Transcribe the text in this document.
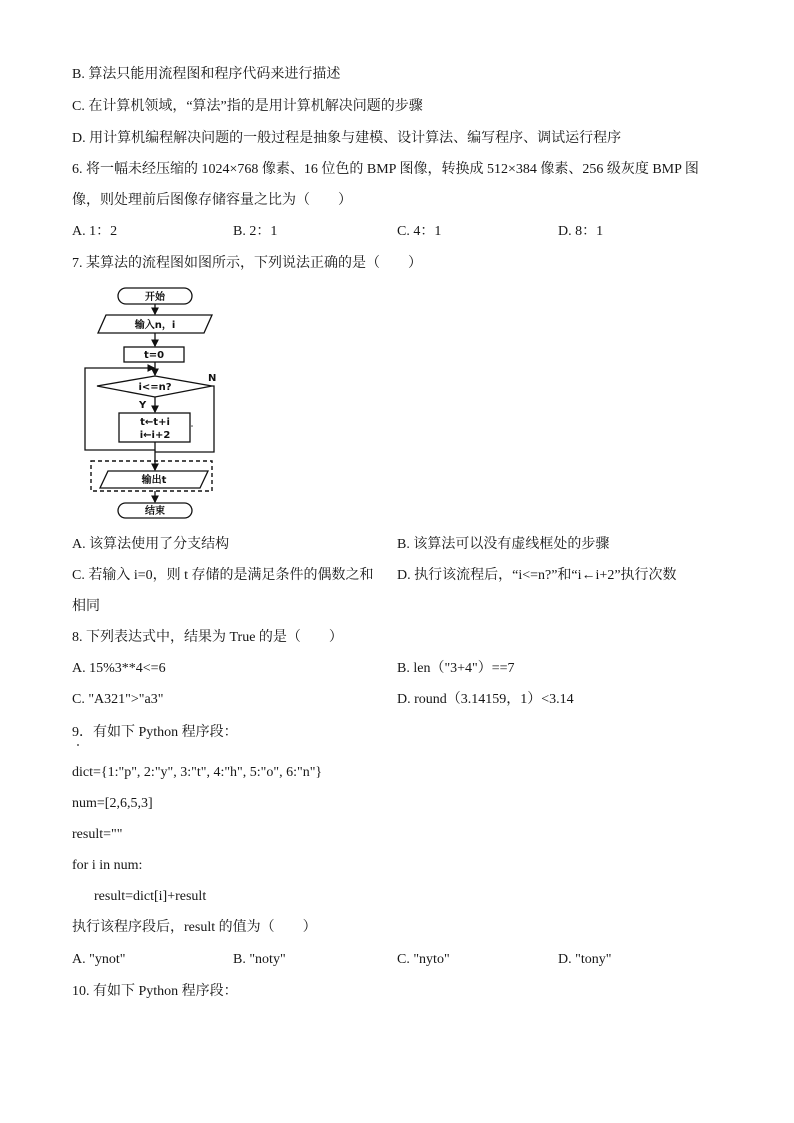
B. 算法只能用流程图和程序代码来进行描述
C. 在计算机领域，“算法”指的是用计算机解决问题的步骤
D. 用计算机编程解决问题的一般过程是抽象与建模、设计算法、编写程序、调试运行程序
6. 将一幅未经压缩的 1024×768 像素、16 位色的 BMP 图像，转换成 512×384 像素、256 级灰度 BMP 图
像，则处理前后图像存储容量之比为（　　）
A. 1：2	B. 2：1	C. 4：1	D. 8：1
7. 某算法的流程图如图所示，下列说法正确的是（　　）
开始
输入n，i
t=0
i<=n?
N
Y
t←t+i
i←i+2
输出t
结束
A. 该算法使用了分支结构	B. 该算法可以没有虚线框处的步骤
C. 若输入 i=0，则 t 存储的是满足条件的偶数之和 D. 执行该流程后，“i<=n?”和“i←i+2”执行次数
相同
8. 下列表达式中，结果为 True 的是（　　）
A. 15%3**4<=6	B. len（"3+4"）==7
C. "A321">"a3"	D. round（3.14159，1）<3.14
9．有如下 Python 程序段：
dict={1:"p", 2:"y", 3:"t", 4:"h", 5:"o", 6:"n"}
num=[2,6,5,3]
result=""
for i in num:
result=dict[i]+result
执行该程序段后，result 的值为（　　）
A. "ynot"	B. "noty"	C. "nyto"	D. "tony"
10. 有如下 Python 程序段：
